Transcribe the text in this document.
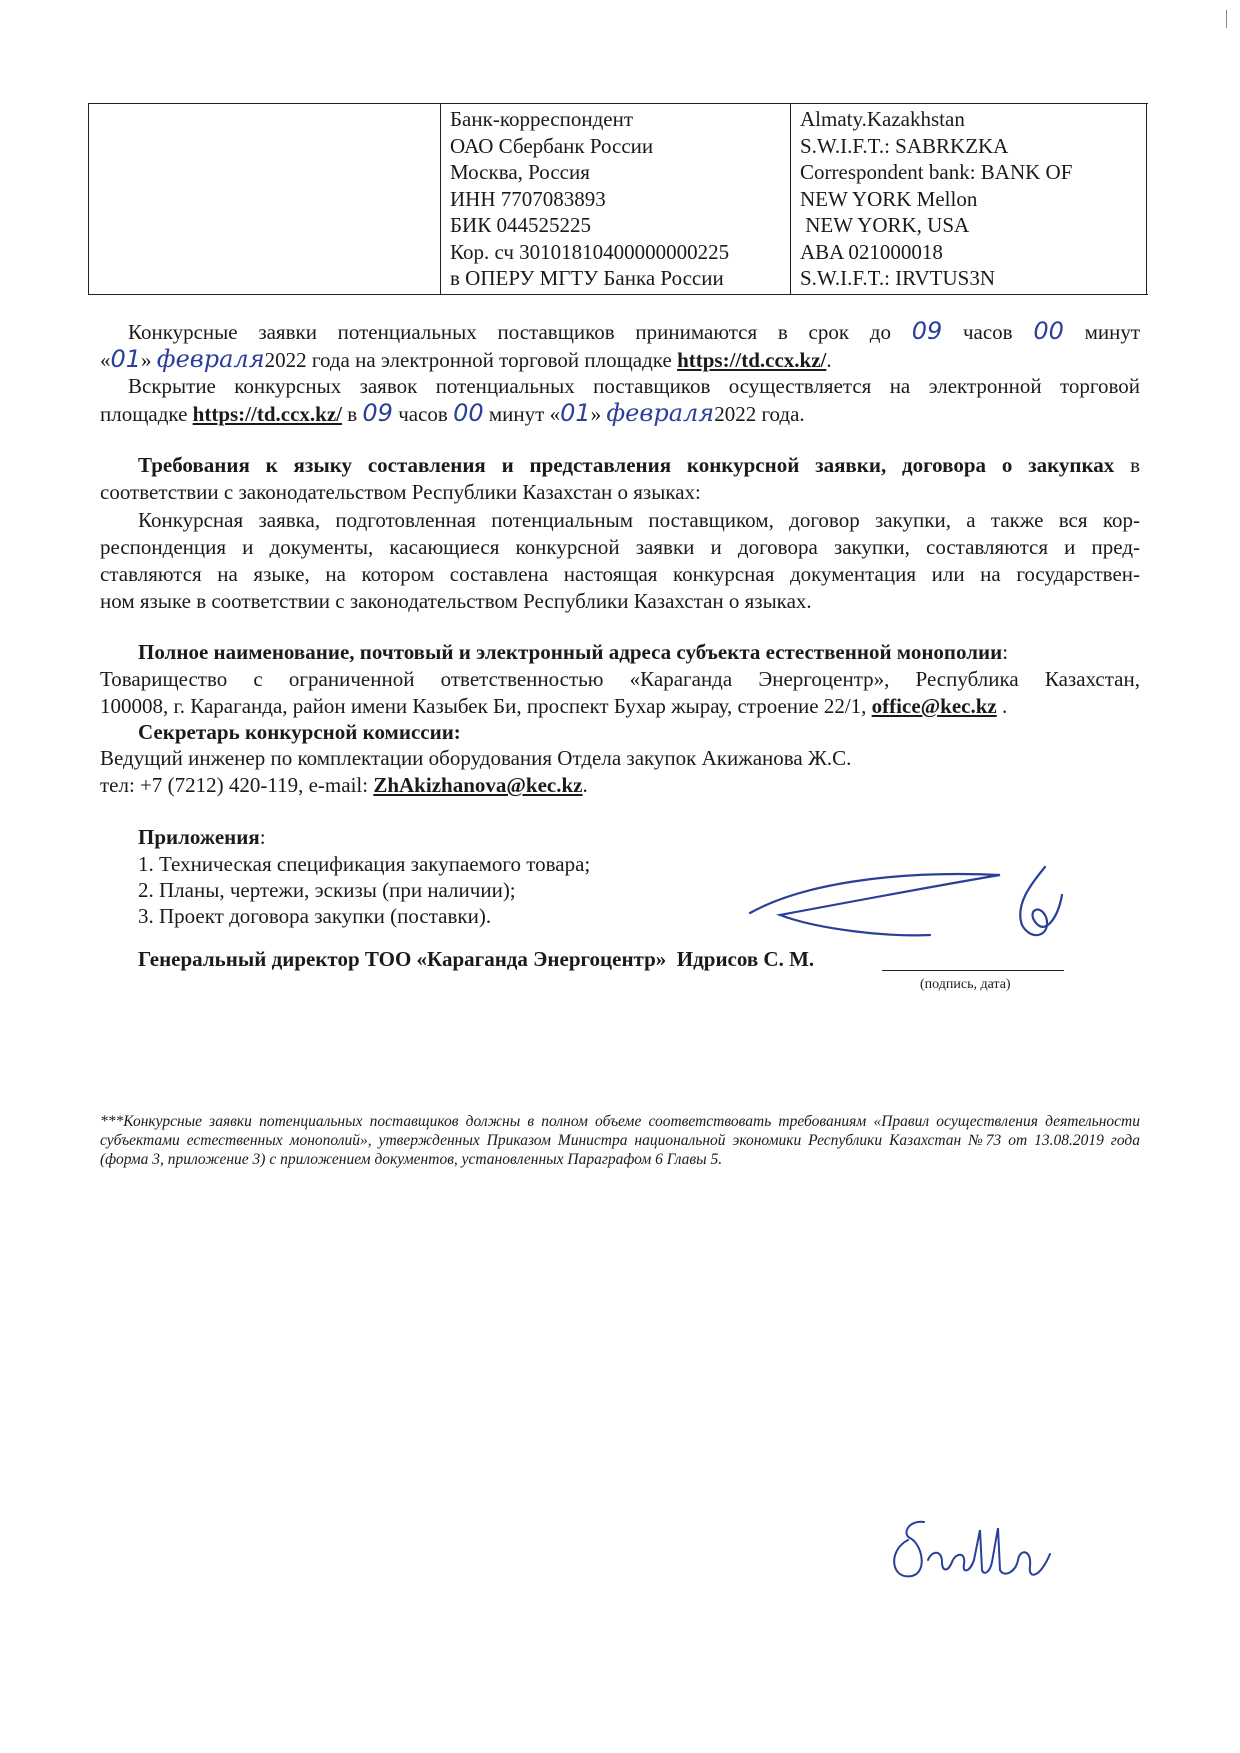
Банк-корреспондент
ОАО Сбербанк России
Москва, Россия
ИНН 7707083893
БИК 044525225
Кор. сч 30101810400000000225
в ОПЕРУ МГТУ Банка России
Almaty.Kazakhstan
S.W.I.F.T.: SABRKZKA
Correspondent bank: BANK OF
NEW YORK Mellon
NEW YORK, USA
ABA 021000018
S.W.I.F.T.: IRVTUS3N
Конкурсные заявки потенциальных поставщиков принимаются в срок до 09 часов 00 минут
«01» февраля2022 года на электронной торговой площадке https://td.ccx.kz/.
Вскрытие конкурсных заявок потенциальных поставщиков осуществляется на электронной торговой
площадке https://td.ccx.kz/ в 09 часов 00 минут «01» февраля2022 года.
Требования к языку составления и представления конкурсной заявки, договора о закупках в
соответствии с законодательством Республики Казахстан о языках:
Конкурсная заявка, подготовленная потенциальным поставщиком, договор закупки, а также вся кор-
респонденция и документы, касающиеся конкурсной заявки и договора закупки, составляются и пред-
ставляются на языке, на котором составлена настоящая конкурсная документация или на государствен-
ном языке в соответствии с законодательством Республики Казахстан о языках.
Полное наименование, почтовый и электронный адреса субъекта естественной монополии:
Товарищество с ограниченной ответственностью «Караганда Энергоцентр», Республика Казахстан,
100008, г. Караганда, район имени Казыбек Би, проспект Бухар жырау, строение 22/1, office@kec.kz .
Секретарь конкурсной комиссии:
Ведущий инженер по комплектации оборудования Отдела закупок Акижанова Ж.С.
тел: +7 (7212) 420-119, e-mail: ZhAkizhanova@kec.kz.
Приложения:
1. Техническая спецификация закупаемого товара;
2. Планы, чертежи, эскизы (при наличии);
3. Проект договора закупки (поставки).
Генеральный директор ТОО «Караганда Энергоцентр»  Идрисов С. М.
(подпись, дата)
***Конкурсные заявки потенциальных поставщиков должны в полном объеме соответствовать требованиям «Правил осуществления деятельности субъектами естественных монополий», утвержденных Приказом Министра национальной экономики Республики Казахстан №73 от 13.08.2019 года (форма 3, приложение 3) с приложением документов, установленных Параграфом 6 Главы 5.
